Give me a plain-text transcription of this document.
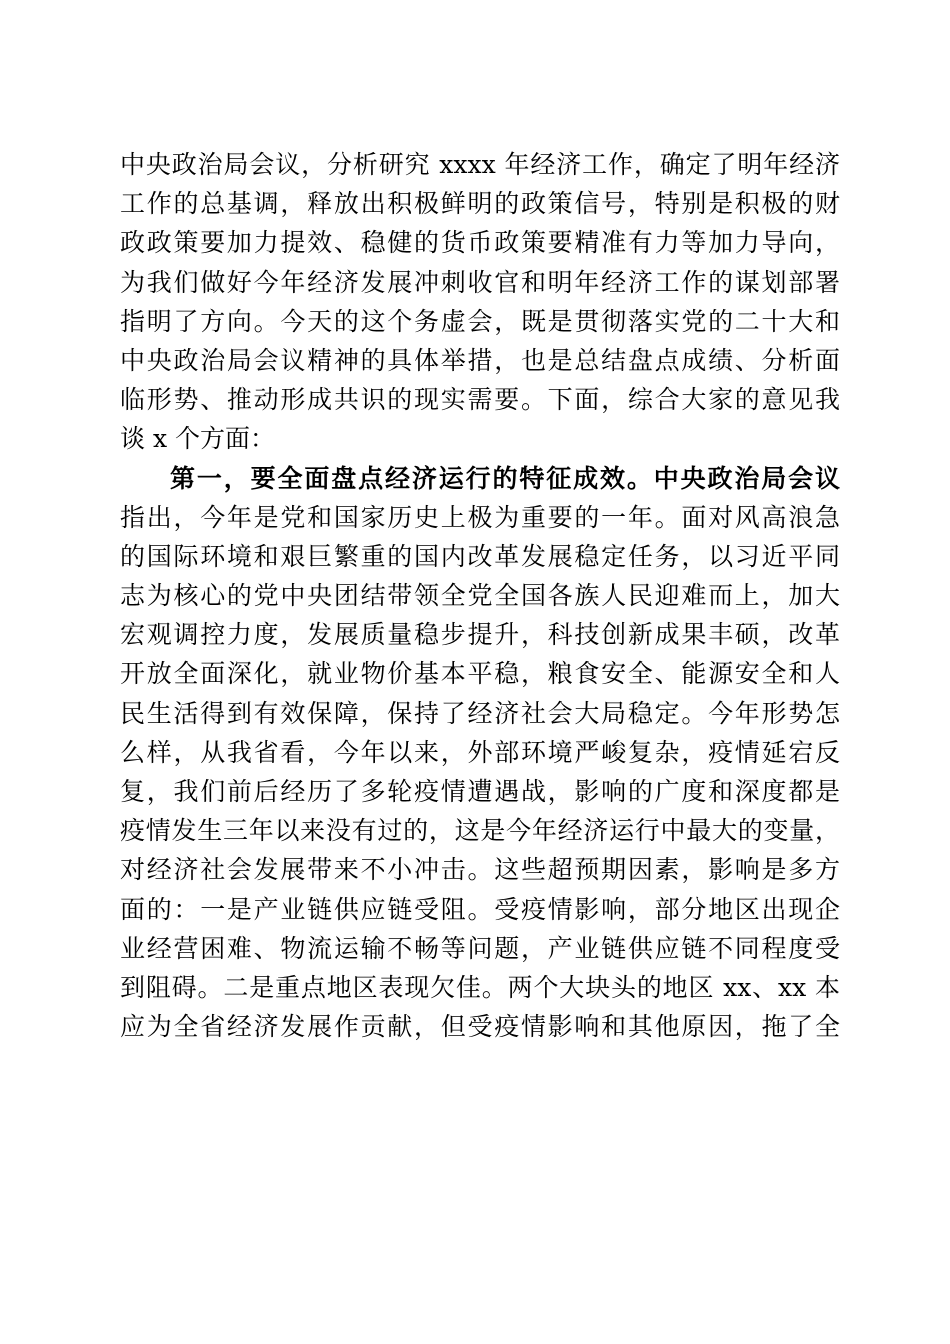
中央政治局会议，分析研究 xxxx 年经济工作，确定了明年经济
工作的总基调，释放出积极鲜明的政策信号，特别是积极的财
政政策要加力提效、稳健的货币政策要精准有力等加力导向，
为我们做好今年经济发展冲刺收官和明年经济工作的谋划部署
指明了方向。今天的这个务虚会，既是贯彻落实党的二十大和
中央政治局会议精神的具体举措，也是总结盘点成绩、分析面
临形势、推动形成共识的现实需要。下面，综合大家的意见我
谈 x 个方面：
第一，要全面盘点经济运行的特征成效。中央政治局会议
指出，今年是党和国家历史上极为重要的一年。面对风高浪急
的国际环境和艰巨繁重的国内改革发展稳定任务，以习近平同
志为核心的党中央团结带领全党全国各族人民迎难而上，加大
宏观调控力度，发展质量稳步提升，科技创新成果丰硕，改革
开放全面深化，就业物价基本平稳，粮食安全、能源安全和人
民生活得到有效保障，保持了经济社会大局稳定。今年形势怎
么样，从我省看，今年以来，外部环境严峻复杂，疫情延宕反
复，我们前后经历了多轮疫情遭遇战，影响的广度和深度都是
疫情发生三年以来没有过的，这是今年经济运行中最大的变量，
对经济社会发展带来不小冲击。这些超预期因素，影响是多方
面的：一是产业链供应链受阻。受疫情影响，部分地区出现企
业经营困难、物流运输不畅等问题，产业链供应链不同程度受
到阻碍。二是重点地区表现欠佳。两个大块头的地区 xx、xx 本
应为全省经济发展作贡献，但受疫情影响和其他原因，拖了全
